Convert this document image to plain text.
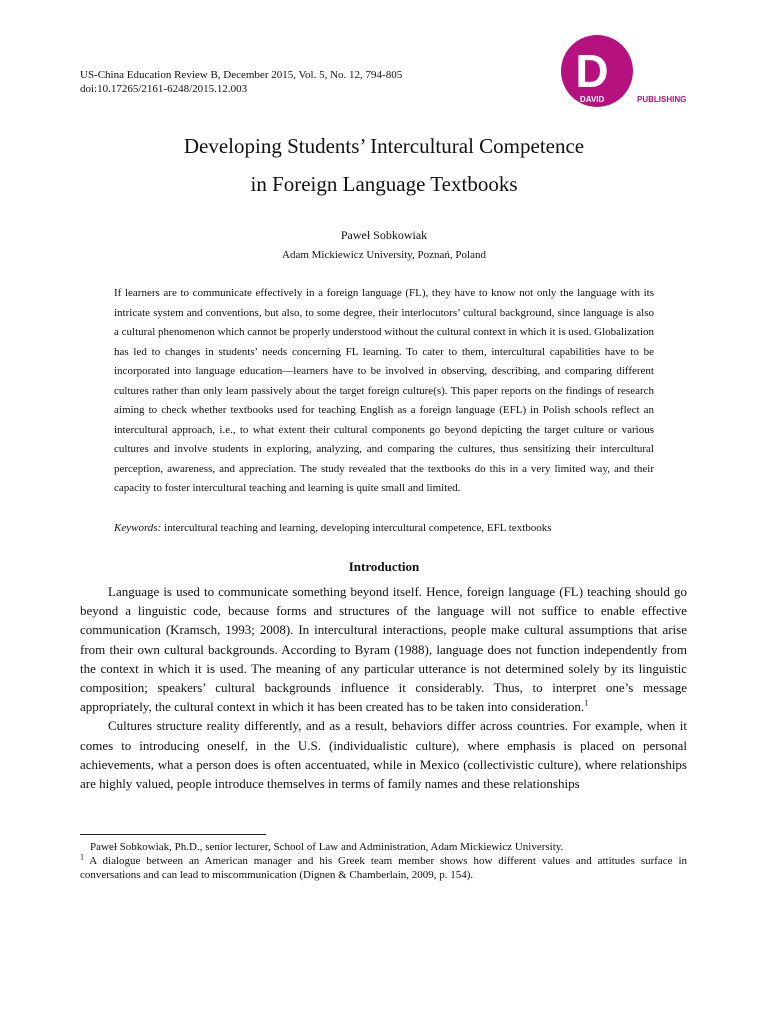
US-China Education Review B, December 2015, Vol. 5, No. 12, 794-805
doi:10.17265/2161-6248/2015.12.003	D
DAVID	PUBLISHING
Developing Students’ Intercultural Competence
in Foreign Language Textbooks
Paweł Sobkowiak
Adam Mickiewicz University, Poznań, Poland

If learners are to communicate effectively in a foreign language (FL), they have to know not only the language with its intricate system and conventions, but also, to some degree, their interlocutors’ cultural background, since language is also a cultural phenomenon which cannot be properly understood without the cultural context in which it is used. Globalization has led to changes in students’ needs concerning FL learning. To cater to them, intercultural capabilities have to be incorporated into language education—learners have to be involved in observing, describing, and comparing different cultures rather than only learn passively about the target foreign culture(s). This paper reports on the findings of research aiming to check whether textbooks used for teaching English as a foreign language (EFL) in Polish schools reflect an intercultural approach, i.e., to what extent their cultural components go beyond depicting the target culture or various cultures and involve students in exploring, analyzing, and comparing the cultures, thus sensitizing their intercultural perception, awareness, and appreciation. The study revealed that the textbooks do this in a very limited way, and their capacity to foster intercultural teaching and learning is quite small and limited.

Keywords: intercultural teaching and learning, developing intercultural competence, EFL textbooks
Introduction

Language is used to communicate something beyond itself. Hence, foreign language (FL) teaching should go beyond a linguistic code, because forms and structures of the language will not suffice to enable effective communication (Kramsch, 1993; 2008). In intercultural interactions, people make cultural assumptions that arise from their own cultural backgrounds. According to Byram (1988), language does not function independently from the context in which it is used. The meaning of any particular utterance is not determined solely by its linguistic composition; speakers’ cultural backgrounds influence it considerably. Thus, to interpret one’s message appropriately, the cultural context in which it has been created has to be taken into consideration.$^1$

Cultures structure reality differently, and as a result, behaviors differ across countries. For example, when it comes to introducing oneself, in the U.S. (individualistic culture), where emphasis is placed on personal achievements, what a person does is often accentuated, while in Mexico (collectivistic culture), where relationships are highly valued, people introduce themselves in terms of family names and these relationships

Paweł Sobkowiak, Ph.D., senior lecturer, School of Law and Administration, Adam Mickiewicz University.

$^1$ A dialogue between an American manager and his Greek team member shows how different values and attitudes surface in conversations and can lead to miscommunication (Dignen & Chamberlain, 2009, p. 154).
